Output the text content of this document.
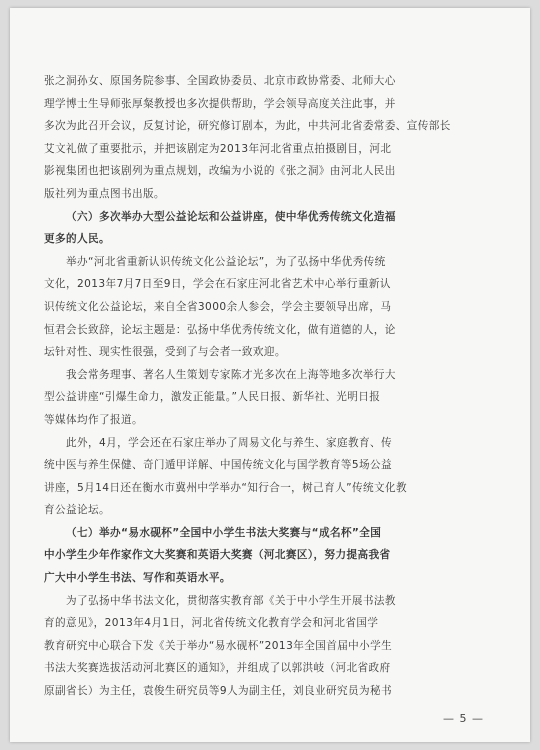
张之洞孙女、原国务院参事、全国政协委员、北京市政协常委、北师大心
理学博士生导师张厚粲教授也多次提供帮助，学会领导高度关注此事，并
多次为此召开会议，反复讨论，研究修订剧本，为此，中共河北省委常委、宣传部长
艾文礼做了重要批示，并把该剧定为2013年河北省重点拍摄剧目，河北
影视集团也把该剧列为重点规划，改编为小说的《张之洞》由河北人民出
版社列为重点图书出版。
（六）多次举办大型公益论坛和公益讲座，使中华优秀传统文化造福
更多的人民。
举办“河北省重新认识传统文化公益论坛”，为了弘扬中华优秀传统
文化，2013年7月7日至9日，学会在石家庄河北省艺术中心举行重新认
识传统文化公益论坛，来自全省3000余人参会，学会主要领导出席，马
恒君会长致辞，论坛主题是：弘扬中华优秀传统文化，做有道德的人，论
坛针对性、现实性很强，受到了与会者一致欢迎。
我会常务理事、著名人生策划专家陈才光多次在上海等地多次举行大
型公益讲座“引爆生命力，激发正能量。”人民日报、新华社、光明日报
等媒体均作了报道。
此外，4月，学会还在石家庄举办了周易文化与养生、家庭教育、传
统中医与养生保健、奇门遁甲详解、中国传统文化与国学教育等5场公益
讲座，5月14日还在衡水市冀州中学举办“知行合一，树己育人”传统文化教
育公益论坛。
（七）举办“易水砚杯”全国中小学生书法大奖赛与“成名杯”全国
中小学生少年作家作文大奖赛和英语大奖赛（河北赛区），努力提高我省
广大中小学生书法、写作和英语水平。
为了弘扬中华书法文化，贯彻落实教育部《关于中小学生开展书法教
育的意见》，2013年4月1日，河北省传统文化教育学会和河北省国学
教育研究中心联合下发《关于举办“易水砚杯”2013年全国首届中小学生
书法大奖赛选拔活动河北赛区的通知》，并组成了以郭洪岐（河北省政府
原副省长）为主任，袁俊生研究员等9人为副主任，刘良业研究员为秘书
— 5 —
